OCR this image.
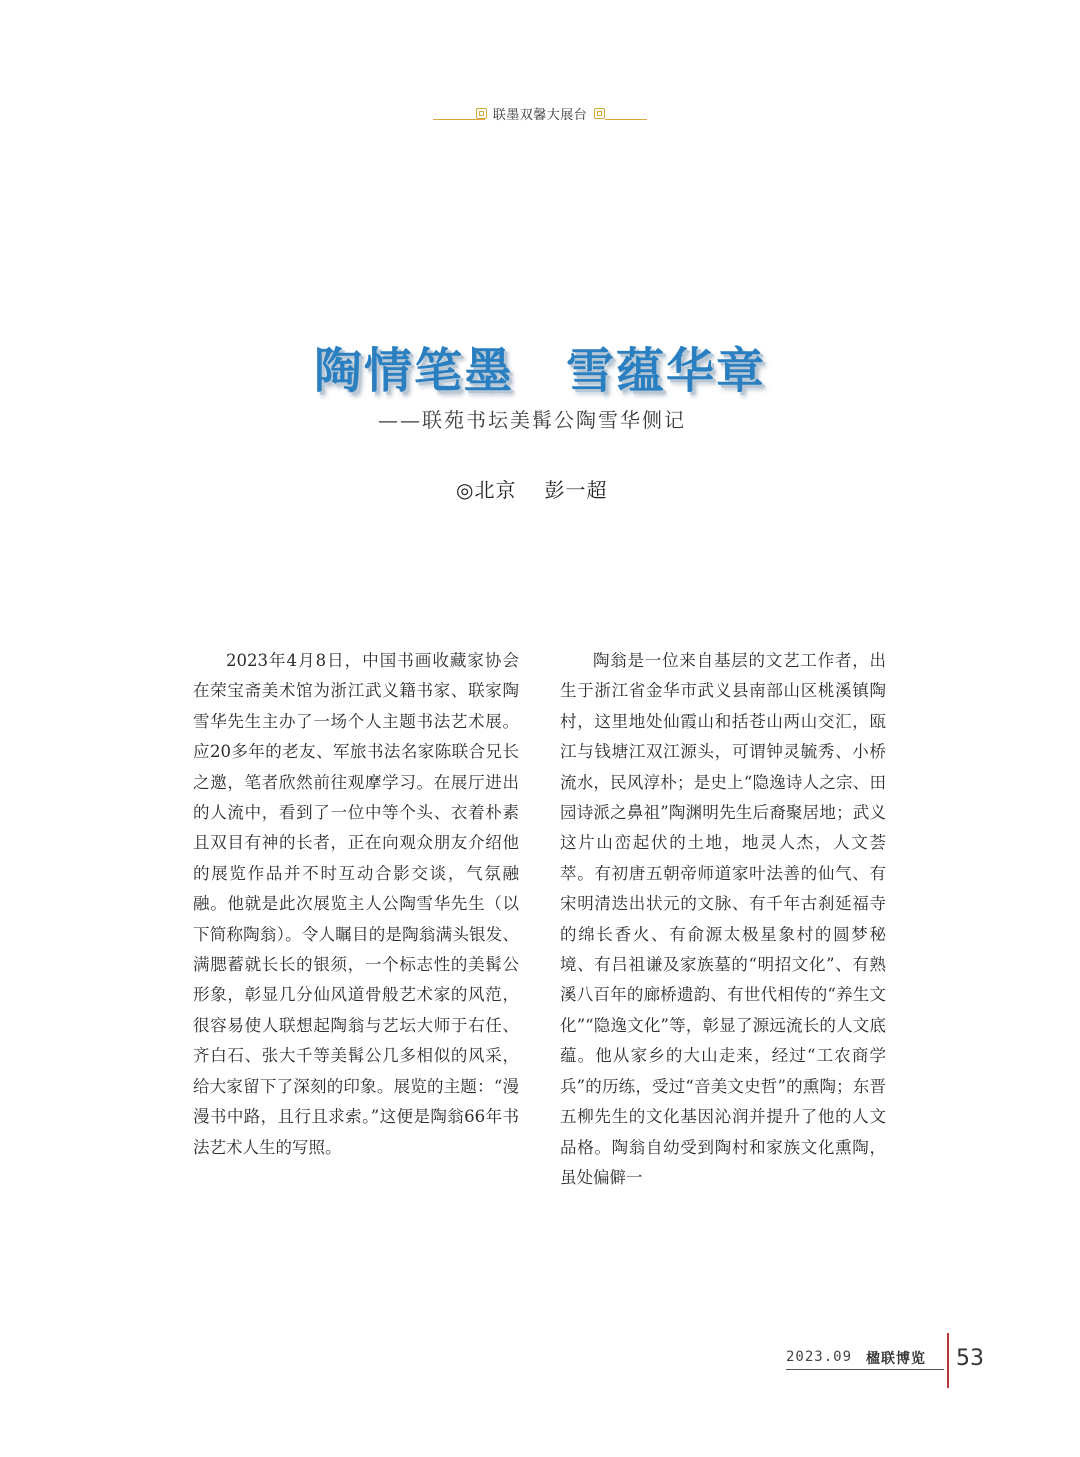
联墨双馨大展台
陶情笔墨 雪蕴华章
——联苑书坛美髯公陶雪华侧记
◎北京 彭一超

2023年4月8日，中国书画收藏家协会在荣宝斋美术馆为浙江武义籍书家、联家陶雪华先生主办了一场个人主题书法艺术展。应20多年的老友、军旅书法名家陈联合兄长之邀，笔者欣然前往观摩学习。在展厅进出的人流中，看到了一位中等个头、衣着朴素且双目有神的长者，正在向观众朋友介绍他的展览作品并不时互动合影交谈，气氛融融。他就是此次展览主人公陶雪华先生（以下简称陶翁）。令人瞩目的是陶翁满头银发、满腮蓄就长长的银须，一个标志性的美髯公形象，彰显几分仙风道骨般艺术家的风范，很容易使人联想起陶翁与艺坛大师于右任、齐白石、张大千等美髯公几多相似的风采，给大家留下了深刻的印象。展览的主题：“漫漫书中路，且行且求索。”这便是陶翁66年书法艺术人生的写照。

陶翁是一位来自基层的文艺工作者，出生于浙江省金华市武义县南部山区桃溪镇陶村，这里地处仙霞山和括苍山两山交汇，瓯江与钱塘江双江源头，可谓钟灵毓秀、小桥流水，民风淳朴；是史上“隐逸诗人之宗、田园诗派之鼻祖”陶渊明先生后裔聚居地；武义这片山峦起伏的土地，地灵人杰，人文荟萃。有初唐五朝帝师道家叶法善的仙气、有宋明清迭出状元的文脉、有千年古刹延福寺的绵长香火、有俞源太极星象村的圆梦秘境、有吕祖谦及家族墓的“明招文化”、有熟溪八百年的廊桥遗韵、有世代相传的“养生文化”“隐逸文化”等，彰显了源远流长的人文底蕴。他从家乡的大山走来，经过“工农商学兵”的历练，受过“音美文史哲”的熏陶；东晋五柳先生的文化基因沁润并提升了他的人文品格。陶翁自幼受到陶村和家族文化熏陶，虽处偏僻一

2023.09 楹联博览 53
